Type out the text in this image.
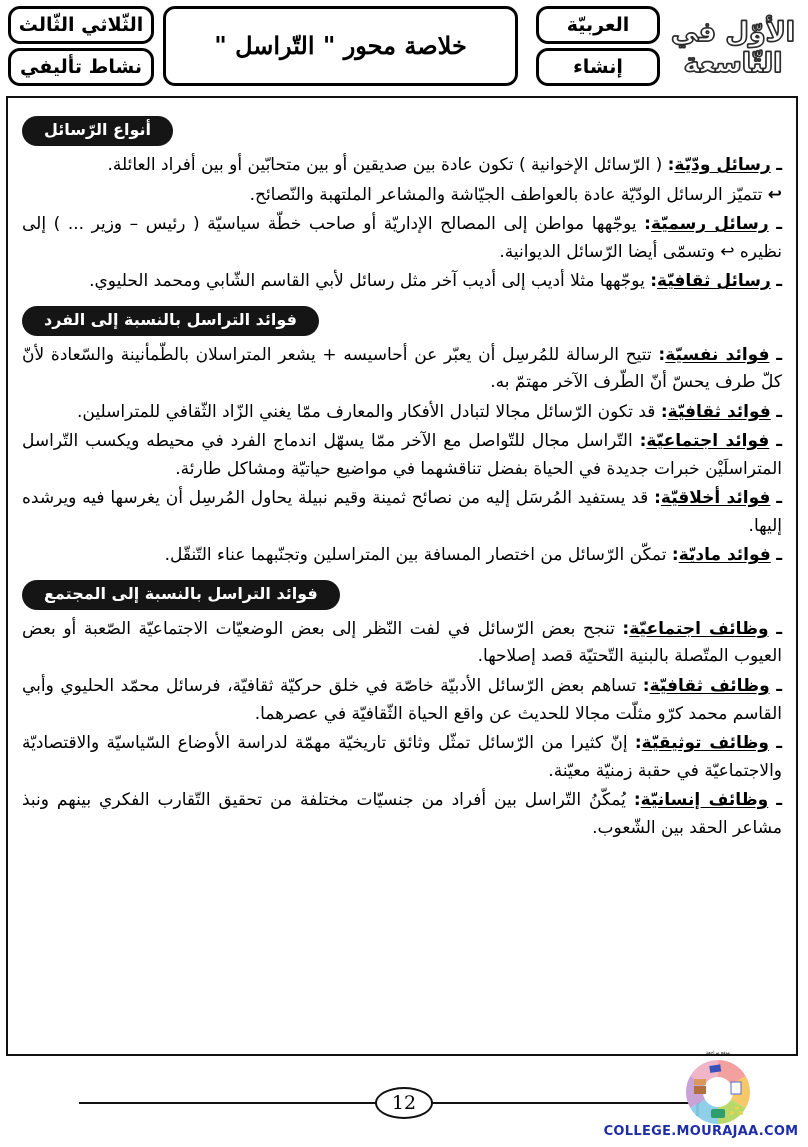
الثّلاثي الثّالث
نشاط تأليفي
خلاصة محور " التّراسل "
العربيّة
إنشاء
الأوّل في
التّاسعة
أنواع الرّسائل

ـ رسائل ودّيّة: ( الرّسائل الإخوانية ) تكون عادة بين صديقين أو بين متحابّين أو بين أفراد العائلة.

↩ تتميّز الرسائل الودّيّة عادة بالعواطف الجيّاشة والمشاعر الملتهبة والنّصائح.

ـ رسائل رسميّة: يوجّهها مواطن إلى المصالح الإداريّة أو صاحب خطّة سياسيّة ( رئيس – وزير ... ) إلى نظيره ↩ وتسمّى أيضا الرّسائل الديوانية.

ـ رسائل ثقافيّة: يوجّهها مثلا أديب إلى أديب آخر مثل رسائل لأبي القاسم الشّابي ومحمد الحليوي.

فوائد التراسل بالنسبة إلى الفرد

ـ فوائد نفسيّة: تتيح الرسالة للمُرسِل أن يعبّر عن أحاسيسه + يشعر المتراسلان بالطّمأنينة والسّعادة لأنّ كلّ طرف يحسّ أنّ الطّرف الآخر مهتمّ به.

ـ فوائد ثقافيّة: قد تكون الرّسائل مجالا لتبادل الأفكار والمعارف ممّا يغني الزّاد الثّقافي للمتراسلين.

ـ فوائد اجتماعيّة: التّراسل مجال للتّواصل مع الآخر ممّا يسهّل اندماج الفرد في محيطه ويكسب التّراسل المتراسلَيْن خبرات جديدة في الحياة بفضل تناقشهما في مواضيع حياتيّة ومشاكل طارئة.

ـ فوائد أخلاقيّة: قد يستفيد المُرسَل إليه من نصائح ثمينة وقيم نبيلة يحاول المُرسِل أن يغرسها فيه ويرشده إليها.

ـ فوائد ماديّة: تمكّن الرّسائل من اختصار المسافة بين المتراسلين وتجنّبهما عناء التّنقّل.

فوائد التراسل بالنسبة إلى المجتمع

ـ وظائف اجتماعيّة: تنجح بعض الرّسائل في لفت النّظر إلى بعض الوضعيّات الاجتماعيّة الصّعبة أو بعض العيوب المتّصلة بالبنية التّحتيّة قصد إصلاحها.

ـ وظائف ثقافيّة: تساهم بعض الرّسائل الأدبيّة خاصّة في خلق حركيّة ثقافيّة، فرسائل محمّد الحليوي وأبي القاسم محمد كرّو مثلّت مجالا للحديث عن واقع الحياة الثّقافيّة في عصرهما.

ـ وظائف توثيقيّة: إنّ كثيرا من الرّسائل تمثّل وثائق تاريخيّة مهمّة لدراسة الأوضاع السّياسيّة والاقتصاديّة والاجتماعيّة في حقبة زمنيّة معيّنة.

ـ وظائف إنسانيّة: يُمكّنُ التّراسل بين أفراد من جنسيّات مختلفة من تحقيق التّقارب الفكري بينهم ونبذ مشاعر الحقد بين الشّعوب.

12
موقع مراجعة
COLLEGE.MOURAJAA.COM
